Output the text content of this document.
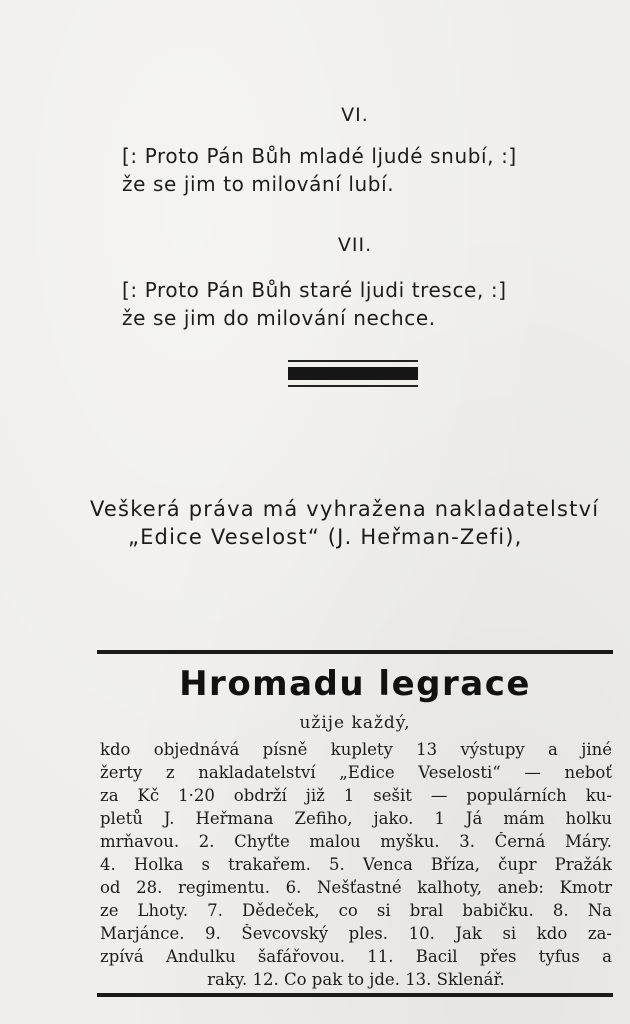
VI.
[: Proto Pán Bůh mladé ljudé snubí, :]
že se jim to milování lubí.
VII.
[: Proto Pán Bůh staré ljudi tresce, :]
že se jim do milování nechce.
Veškerá práva má vyhražena nakladatelství
„Edice Veselost“ (J. Heřman-Zefi),
Hromadu legrace
užije každý,
kdo objednává písně kuplety 13 výstupy a jiné
žerty z nakladatelství „Edice Veselosti“ — neboť
za Kč 1·20 obdrží již 1 sešit — populárních ku-
pletů J. Heřmana Zefiho, jako. 1 Já mám holku
mrňavou. 2. Chyťte malou myšku. 3. Černá Máry.
4. Holka s trakařem. 5. Venca Bříza, čupr Pražák
od 28. regimentu. 6. Nešťastné kalhoty, aneb: Kmotr
ze Lhoty. 7. Dědeček, co si bral babičku. 8. Na
Marjánce. 9. Ševcovský ples. 10. Jak si kdo za-
zpívá Andulku šafářovou. 11. Bacil přes tyfus a
raky. 12. Co pak to jde. 13. Sklenář.
